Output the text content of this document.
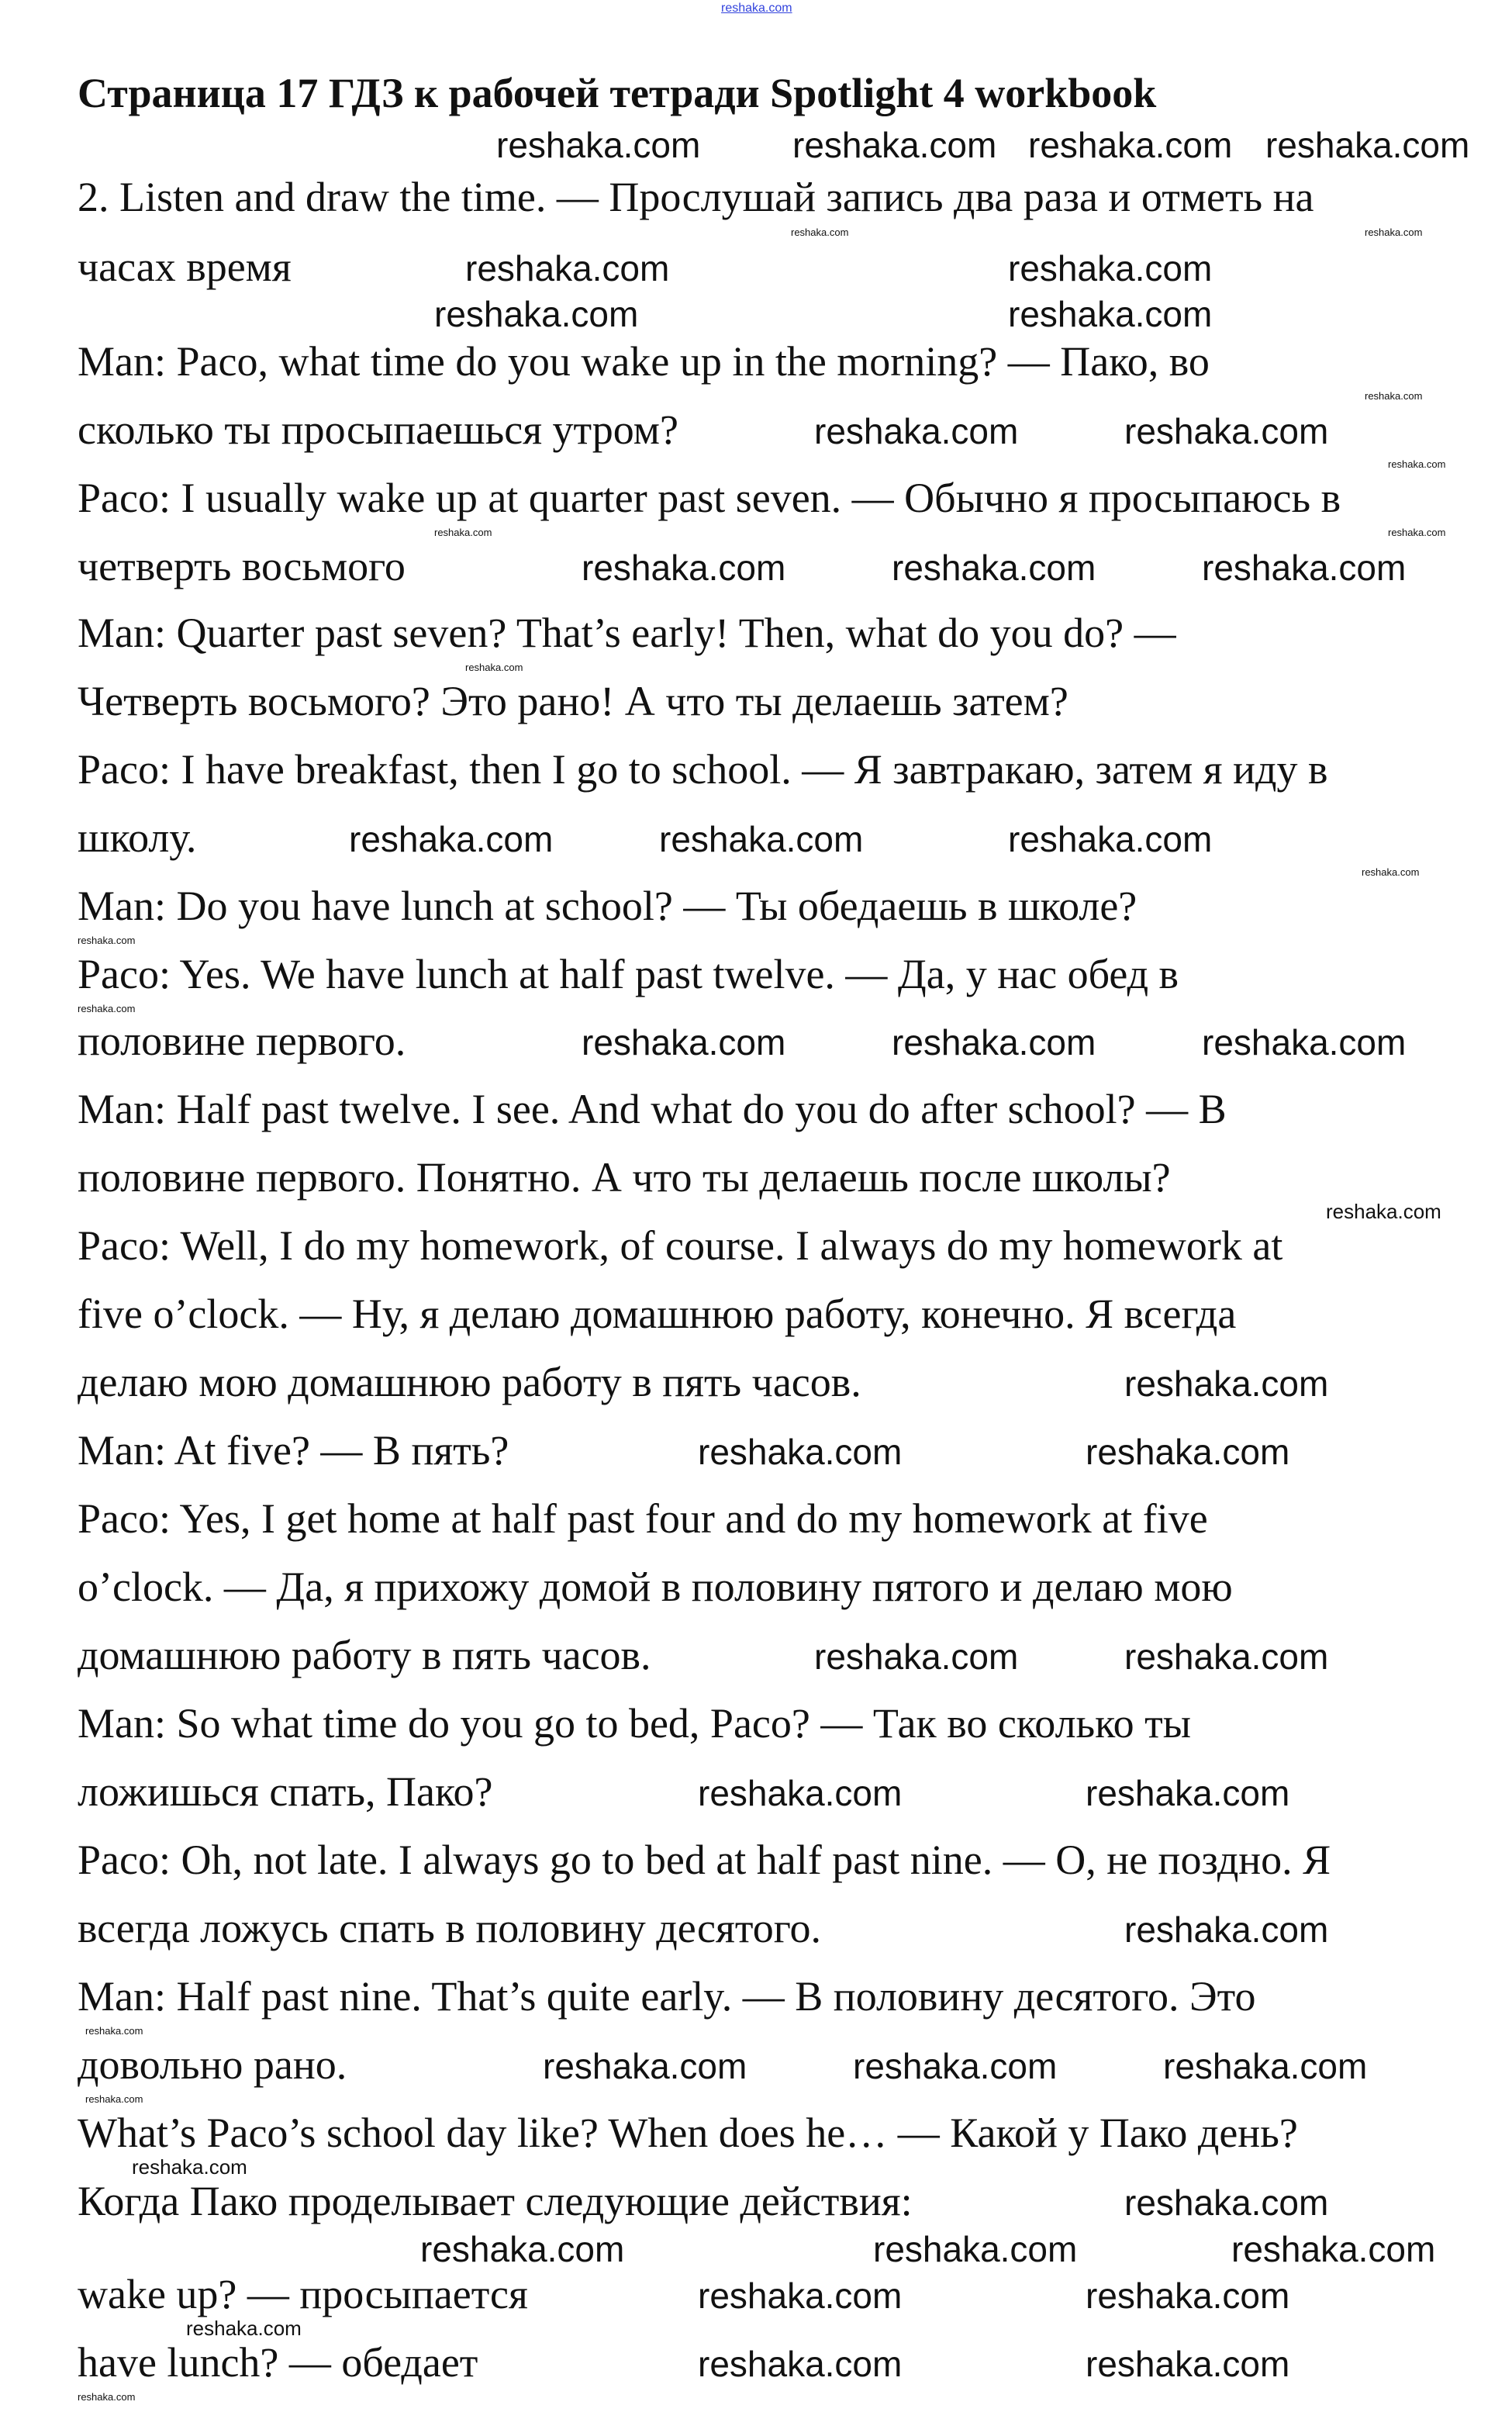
reshaka.com
Страница 17 ГДЗ к рабочей тетради Spotlight 4 workbook
2. Listen and draw the time. — Прослушай запись два раза и отметь на
часах время
Man: Paco, what time do you wake up in the morning? — Пако, во
сколько ты просыпаешься утром?
Paco: I usually wake up at quarter past seven. — Обычно я просыпаюсь в
четверть восьмого
Man: Quarter past seven? That’s early! Then, what do you do? —
Четверть восьмого? Это рано! А что ты делаешь затем?
Paco: I have breakfast, then I go to school. — Я завтракаю, затем я иду в
школу.
Man: Do you have lunch at school? — Ты обедаешь в школе?
Paco: Yes. We have lunch at half past twelve. — Да, у нас обед в
половине первого.
Man: Half past twelve. I see. And what do you do after school? — В
половине первого. Понятно. А что ты делаешь после школы?
Paco: Well, I do my homework, of course. I always do my homework at
five o’clock. — Ну, я делаю домашнюю работу, конечно. Я всегда
делаю мою домашнюю работу в пять часов.
Man: At five? — В пять?
Paco: Yes, I get home at half past four and do my homework at five
o’clock. — Да, я прихожу домой в половину пятого и делаю мою
домашнюю работу в пять часов.
Man: So what time do you go to bed, Paco? — Так во сколько ты
ложишься спать, Пако?
Paco: Oh, not late. I always go to bed at half past nine. — О, не поздно. Я
всегда ложусь спать в половину десятого.
Man: Half past nine. That’s quite early. — В половину десятого. Это
довольно рано.
What’s Paco’s school day like? When does he… — Какой у Пако день?
Когда Пако проделывает следующие действия:
wake up? — просыпается
have lunch? — обедает
reshaka.com	reshaka.com reshaka.com reshaka.com
reshaka.com	reshaka.com
reshaka.com	reshaka.com
reshaka.com	reshaka.com
reshaka.com	reshaka.com	reshaka.com
reshaka.com	reshaka.com	reshaka.com
reshaka.com	reshaka.com	reshaka.com
reshaka.com
reshaka.com	reshaka.com
reshaka.com	reshaka.com
reshaka.com	reshaka.com
reshaka.com
reshaka.com	reshaka.com	reshaka.com
reshaka.com
reshaka.com	reshaka.com	reshaka.com
reshaka.com	reshaka.com
reshaka.com	reshaka.com
reshaka.com
reshaka.com
reshaka.com
reshaka.com	reshaka.com
reshaka.com
reshaka.com
reshaka.com
reshaka.com
reshaka.com
reshaka.com
reshaka.com
reshaka.com
reshaka.com
reshaka.com
reshaka.com
